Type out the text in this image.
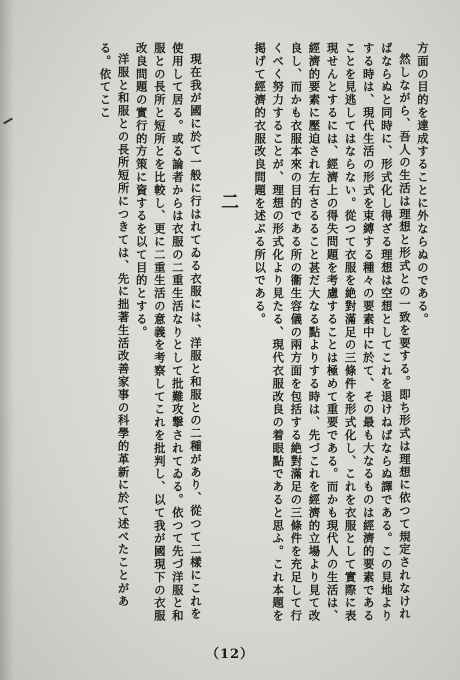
方面の目的を達成することに外ならぬのである。

然しながら、吾人の生活は理想と形式との一致を要する。即ち形式は理想に依つて規定されなければならぬと同時に、形式化し得ざる理想は空想としてこれを退けねばならぬ譯である。この見地よりする時は、現代生活の形式を束縛する種々の要素中に於て、その最も大なるものは經濟的要素であることを見逃してはならない。從つて衣服を絶對滿足の三條件を形式化し、これを衣服として實際に表現せんとするには、經濟上の得失問題を考慮することは極めて重要である。而かも現代人の生活は、經濟的要素に壓迫され左右さるること甚だ大なる點よりする時は、先づこれを經濟的立場より見て改良し、而かも衣服本來の目的である所の衞生容儀の兩方面を包括する絶對滿足の三條件を充足して行くべく努力することが、理想の形式化より見たる、現代衣服改良の着眼點であると思ふ。これ本題を掲げて經濟的衣服改良問題を述ぶる所以である。

二

現在我が國に於て一般に行はれてゐる衣服には、洋服と和服との二種があり、從つて二樣にこれを使用して居る。或る論者からは衣服の二重生活なりとして批難攻撃されてゐる。依つて先づ洋服と和服との長所と短所とを比較し、更に二重生活の意義を考察してこれを批判し、以て我が國現下の衣服改良問題の實行的方策に資するを以て目的とする。

洋服と和服との長所短所につきては、先に拙著生活改善家事の科學的革新に於て述べたことがある。依てここ

（12）
